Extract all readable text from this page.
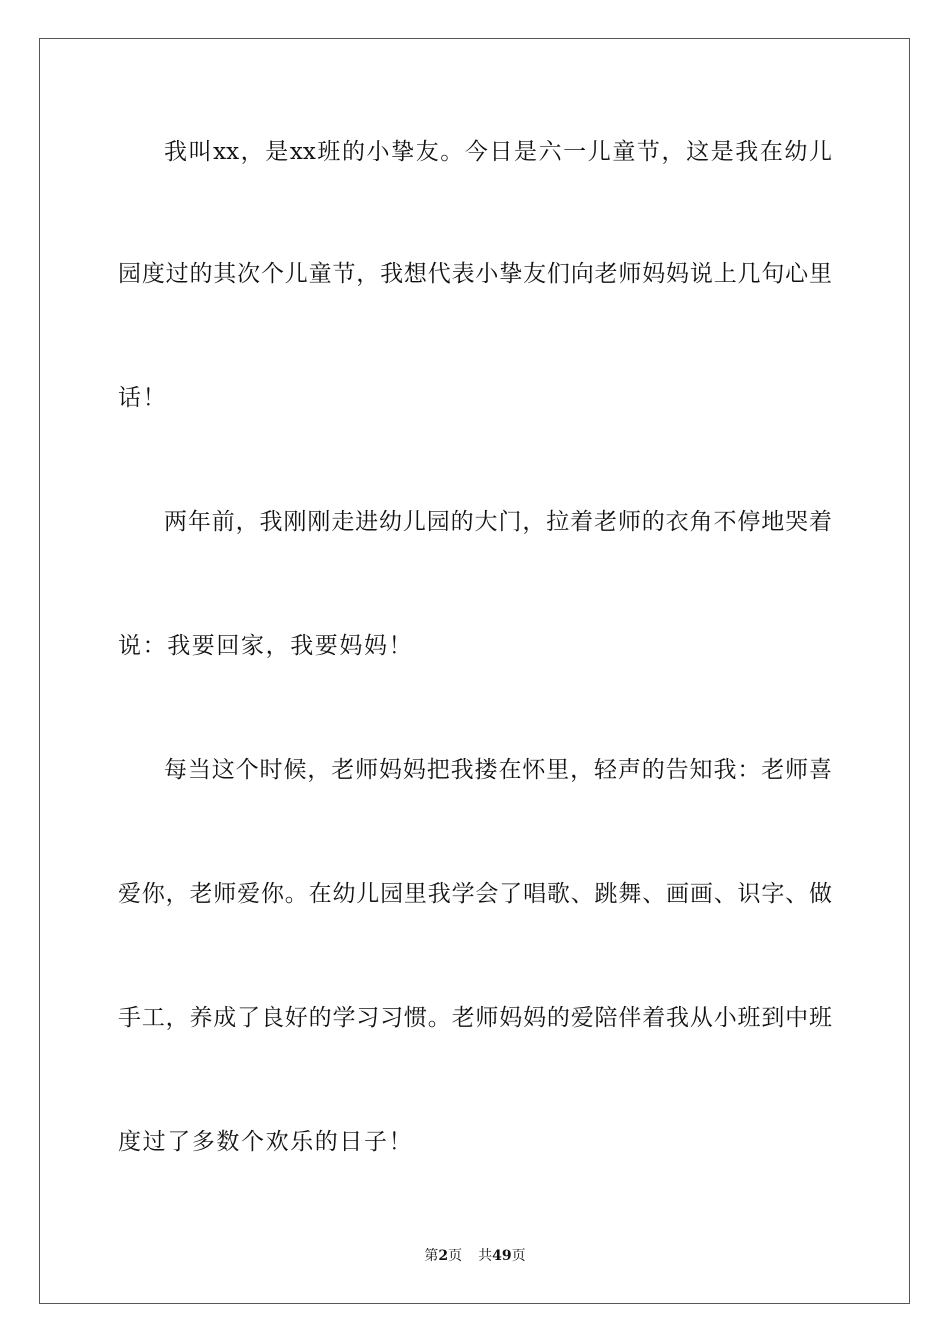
我叫xx，是xx班的小挚友。今日是六一儿童节，这是我在幼儿
园度过的其次个儿童节，我想代表小挚友们向老师妈妈说上几句心里
话！
两年前，我刚刚走进幼儿园的大门，拉着老师的衣角不停地哭着
说：我要回家，我要妈妈！
每当这个时候，老师妈妈把我搂在怀里，轻声的告知我：老师喜
爱你，老师爱你。在幼儿园里我学会了唱歌、跳舞、画画、识字、做
手工，养成了良好的学习习惯。老师妈妈的爱陪伴着我从小班到中班
度过了多数个欢乐的日子！
第2页 共49页
